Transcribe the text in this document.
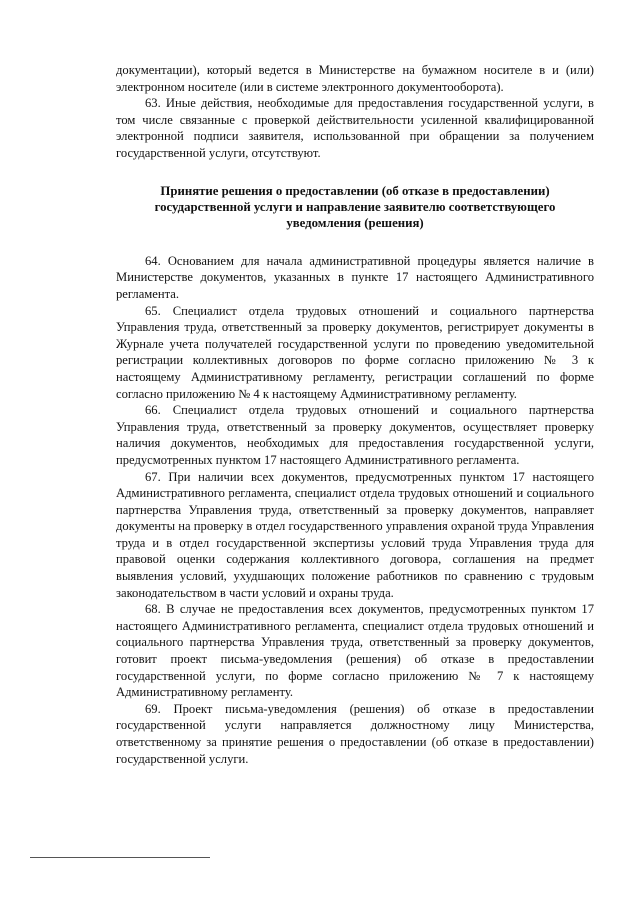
документации), который ведется в Министерстве на бумажном носителе в и (или) электронном носителе (или в системе электронного документооборота).

63. Иные действия, необходимые для предоставления государственной услуги, в том числе связанные с проверкой действительности усиленной квалифицированной электронной подписи заявителя, использованной при обращении за получением государственной услуги, отсутствуют.

Принятие решения о предоставлении (об отказе в предоставлении) государственной услуги и направление заявителю соответствующего уведомления (решения)

64. Основанием для начала административной процедуры является наличие в Министерстве документов, указанных в пункте 17 настоящего Административного регламента.

65. Специалист отдела трудовых отношений и социального партнерства Управления труда, ответственный за проверку документов, регистрирует документы в Журнале учета получателей государственной услуги по проведению уведомительной регистрации коллективных договоров по форме согласно приложению № 3 к настоящему Административному регламенту, регистрации соглашений по форме согласно приложению № 4 к настоящему Административному регламенту.

66. Специалист отдела трудовых отношений и социального партнерства Управления труда, ответственный за проверку документов, осуществляет проверку наличия документов, необходимых для предоставления государственной услуги, предусмотренных пунктом 17 настоящего Административного регламента.

67. При наличии всех документов, предусмотренных пунктом 17 настоящего Административного регламента, специалист отдела трудовых отношений и социального партнерства Управления труда, ответственный за проверку документов, направляет документы на проверку в отдел государственного управления охраной труда Управления труда и в отдел государственной экспертизы условий труда Управления труда для правовой оценки содержания коллективного договора, соглашения на предмет выявления условий, ухудшающих положение работников по сравнению с трудовым законодательством в части условий и охраны труда.

68. В случае не предоставления всех документов, предусмотренных пунктом 17 настоящего Административного регламента, специалист отдела трудовых отношений и социального партнерства Управления труда, ответственный за проверку документов, готовит проект письма-уведомления (решения) об отказе в предоставлении государственной услуги, по форме согласно приложению № 7 к настоящему Административному регламенту.

69. Проект письма-уведомления (решения) об отказе в предоставлении государственной услуги направляется должностному лицу Министерства, ответственному за принятие решения о предоставлении (об отказе в предоставлении) государственной услуги.
